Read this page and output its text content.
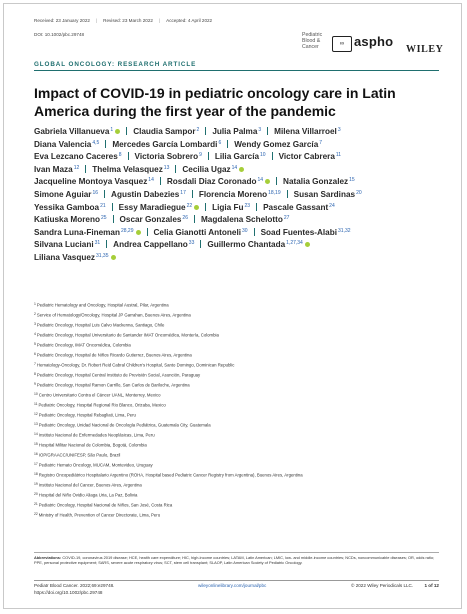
Received: 23 January 2022 | Revised: 23 March 2022 | Accepted: 4 April 2022
DOI: 10.1002/pbc.29748	Pediatric
Blood &
Cancer	∞ aspho
WILEY
GLOBAL ONCOLOGY: RESEARCH ARTICLE
Impact of COVID-19 in pediatric oncology care in Latin America during the first year of the pandemic
Gabriela Villanueva$^1$ Claudia Sampor$^2$ Julia Palma$^3$ Milena Villarroel$^3$
Diana Valencia$^{4,5}$ Mercedes García Lombardi$^6$ Wendy Gomez García$^7$
Eva Lezcano Caceres$^8$ Victoria Sobrero$^9$ Lilia García$^{10}$ Victor Cabrera$^{11}$
Ivan Maza$^{12}$ Thelma Velasquez$^{13}$ Cecilia Ugaz$^{14}$
Jacqueline Montoya Vasquez$^{14}$ Rosdali Diaz Coronado$^{14}$ Natalia Gonzalez$^{15}$
Simone Aguiar$^{16}$ Agustin Dabezies$^{17}$ Florencia Moreno$^{18,19}$ Susan Sardinas$^{20}$
Yessika Gamboa$^{21}$ Essy Maradiegue$^{22}$ Ligia Fu$^{23}$ Pascale Gassant$^{24}$
Katiuska Moreno$^{25}$ Oscar Gonzales$^{26}$ Magdalena Schelotto$^{27}$
Sandra Luna-Fineman$^{28,29}$ Celia Gianotti Antoneli$^{30}$ Soad Fuentes-Alabi$^{31,32}$
Silvana Luciani$^{31}$ Andrea Cappellano$^{33}$ Guillermo Chantada$^{1,27,34}$
Liliana Vasquez$^{31,35}$
$^1$Pediatric Hematology and Oncology, Hospital Austral, Pilar, Argentina
$^2$Service of Hematology/Oncology, Hospital JP Garrahan, Buenos Aires, Argentina
$^3$Pediatric Oncology, Hospital Luis Calvo Mackenna, Santiago, Chile
$^4$Pediatric Oncology, Hospital Universitario de Santander IMAT Oncomédica, Montería, Colombia
$^5$Pediatric Oncology, IMAT Oncomédica, Colombia
$^6$Pediatric Oncology, Hospital de Niños Ricardo Gutierrez, Buenos Aires, Argentina
$^7$Hematology-Oncology, Dr. Robert Reid Cabral Children's Hospital, Santo Domingo, Dominican Republic
$^8$Pediatric Oncology, Hospital Central Instituto de Previsión Social, Asunción, Paraguay
$^9$Pediatric Oncology, Hospital Ramon Carrillo, San Carlos de Bariloche, Argentina
$^{10}$Centro Universitario Contra el Cáncer UANL, Monterrey, Mexico
$^{11}$Pediatric Oncology, Hospital Regional Rio Blanco, Orizaba, Mexico
$^{12}$Pediatric Oncology, Hospital Rebagliati, Lima, Peru
$^{13}$Pediatric Oncology, Unidad Nacional de Oncología Pediátrica, Guatemala City, Guatemala
$^{14}$Instituto Nacional de Enfermedades Neoplásicas, Lima, Peru
$^{15}$Hospital Militar Nacional de Colombia, Bogotá, Colombia
$^{16}$IOP/GRAACC/UNIFESP, São Paulo, Brazil
$^{17}$Pediatric Hemato Oncology, MUCAM, Montevideo, Uruguay
$^{18}$Registro Oncopediátrico Hospitalario Argentino (ROHA, Hospital based Pediatric Cancer Registry from Argentina), Buenos Aires, Argentina
$^{19}$Instituto Nacional del Cancer, Buenos Aires, Argentina
$^{20}$Hospital del Niño Ovidio Aliaga Uria, La Paz, Bolivia
$^{21}$Pediatric Oncology, Hospital Nacional de Niños, San José, Costa Rica
$^{22}$Ministry of Health, Prevention of Cancer Directorate, Lima, Peru
Abbreviations: COVID-19, coronavirus 2019 disease; HCE, health care expenditure; HIC, high-income countries; LATAM, Latin American; LMIC, low- and middle-income countries; NCDs, noncommunicable diseases; OR, odds ratio; PPE, personal protective equipment; SARS, severe acute respiratory virus; SCT, stem cell transplant; SLAOP, Latin American Society of Pediatric Oncology.
Pediatr Blood Cancer. 2022;69:e29748.
https://doi.org/10.1002/pbc.29748
wileyonlinelibrary.com/journal/pbc	© 2022 Wiley Periodicals LLC. 1 of 12
